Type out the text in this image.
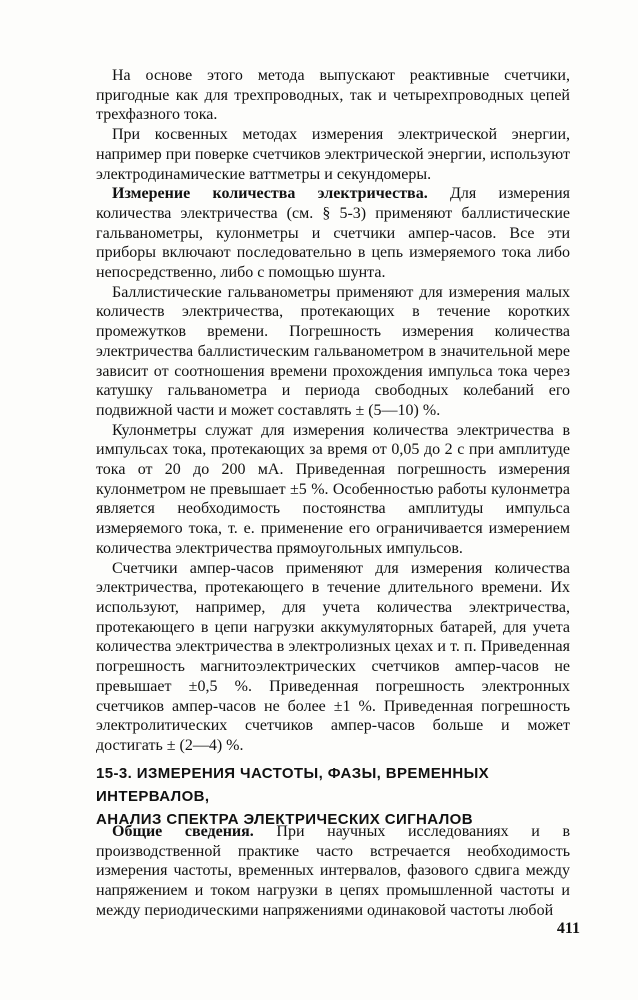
На основе этого метода выпускают реактивные счетчики, пригодные как для трехпроводных, так и четырехпроводных цепей трехфазного тока.

При косвенных методах измерения электрической энергии, например при поверке счетчиков электрической энергии, используют электродинамические ваттметры и секундомеры.

Измерение количества электричества. Для измерения количества электричества (см. § 5-3) применяют баллистические гальванометры, кулонметры и счетчики ампер-часов. Все эти приборы включают последовательно в цепь измеряемого тока либо непосредственно, либо с помощью шунта.

Баллистические гальванометры применяют для измерения малых количеств электричества, протекающих в течение коротких промежутков времени. Погрешность измерения количества электричества баллистическим гальванометром в значительной мере зависит от соотношения времени прохождения импульса тока через катушку гальванометра и периода свободных колебаний его подвижной части и может составлять ± (5—10) %.

Кулонметры служат для измерения количества электричества в импульсах тока, протекающих за время от 0,05 до 2 с при амплитуде тока от 20 до 200 мА. Приведенная погрешность измерения кулонметром не превышает ±5 %. Особенностью работы кулонметра является необходимость постоянства амплитуды импульса измеряемого тока, т. е. применение его ограничивается измерением количества электричества прямоугольных импульсов.

Счетчики ампер-часов применяют для измерения количества электричества, протекающего в течение длительного времени. Их используют, например, для учета количества электричества, протекающего в цепи нагрузки аккумуляторных батарей, для учета количества электричества в электролизных цехах и т. п. Приведенная погрешность магнитоэлектрических счетчиков ампер-часов не превышает ±0,5 %. Приведенная погрешность электронных счетчиков ампер-часов не более ±1 %. Приведенная погрешность электролитических счетчиков ампер-часов больше и может достигать ± (2—4) %.

15-3. ИЗМЕРЕНИЯ ЧАСТОТЫ, ФАЗЫ, ВРЕМЕННЫХ ИНТЕРВАЛОВ,
АНАЛИЗ СПЕКТРА ЭЛЕКТРИЧЕСКИХ СИГНАЛОВ

Общие сведения. При научных исследованиях и в производственной практике часто встречается необходимость измерения частоты, временных интервалов, фазового сдвига между напряжением и током нагрузки в цепях промышленной частоты и между периодическими напряжениями одинаковой частоты любой

411
